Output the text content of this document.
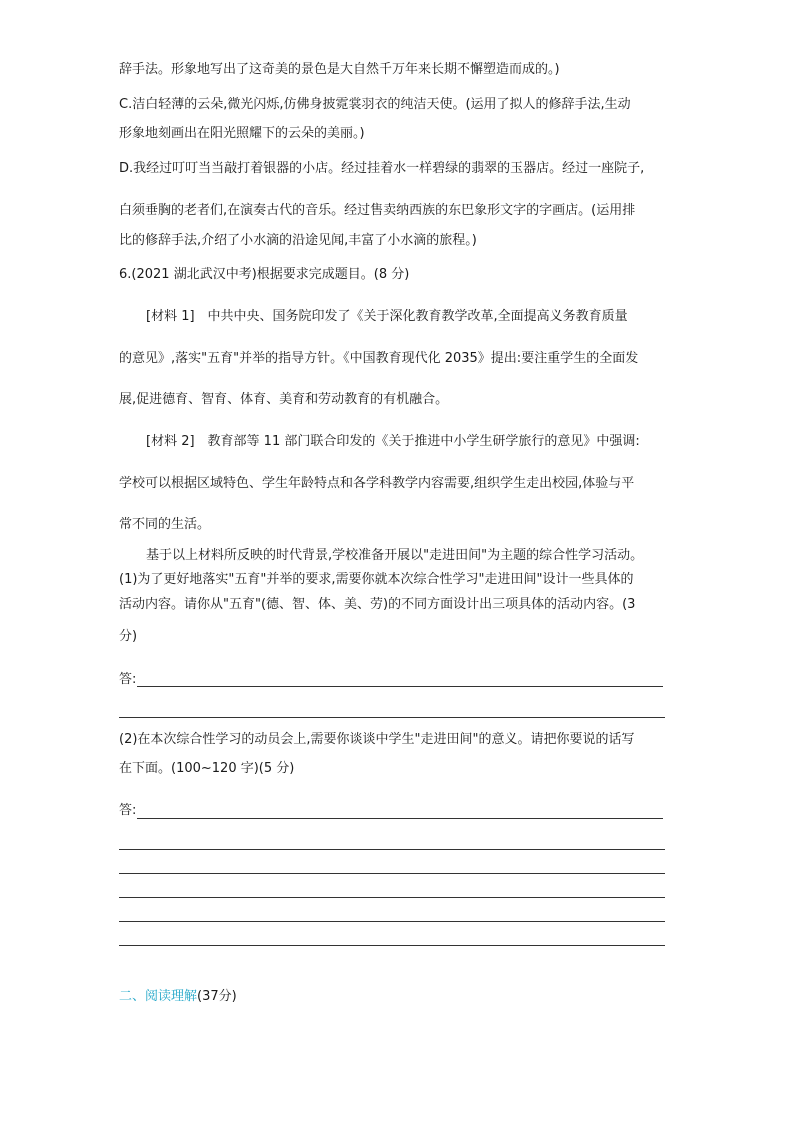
辞手法。形象地写出了这奇美的景色是大自然千万年来长期不懈塑造而成的。)
C.洁白轻薄的云朵,微光闪烁,仿佛身披霓裳羽衣的纯洁天使。(运用了拟人的修辞手法,生动
形象地刻画出在阳光照耀下的云朵的美丽。)
D.我经过叮叮当当敲打着银器的小店。经过挂着水一样碧绿的翡翠的玉器店。经过一座院子,
白须垂胸的老者们,在演奏古代的音乐。经过售卖纳西族的东巴象形文字的字画店。(运用排
比的修辞手法,介绍了小水滴的沿途见闻,丰富了小水滴的旅程。)
6.(2021 湖北武汉中考)根据要求完成题目。(8 分)
[材料 1]　中共中央、国务院印发了《关于深化教育教学改革,全面提高义务教育质量
的意见》,落实"五育"并举的指导方针。《中国教育现代化 2035》提出:要注重学生的全面发
展,促进德育、智育、体育、美育和劳动教育的有机融合。
[材料 2]　教育部等 11 部门联合印发的《关于推进中小学生研学旅行的意见》中强调:
学校可以根据区域特色、学生年龄特点和各学科教学内容需要,组织学生走出校园,体验与平
常不同的生活。
基于以上材料所反映的时代背景,学校准备开展以"走进田间"为主题的综合性学习活动。
(1)为了更好地落实"五育"并举的要求,需要你就本次综合性学习"走进田间"设计一些具体的
活动内容。请你从"五育"(德、智、体、美、劳)的不同方面设计出三项具体的活动内容。(3
分)
答:
(2)在本次综合性学习的动员会上,需要你谈谈中学生"走进田间"的意义。请把你要说的话写
在下面。(100~120 字)(5 分)
答:
二、阅读理解(37分)
